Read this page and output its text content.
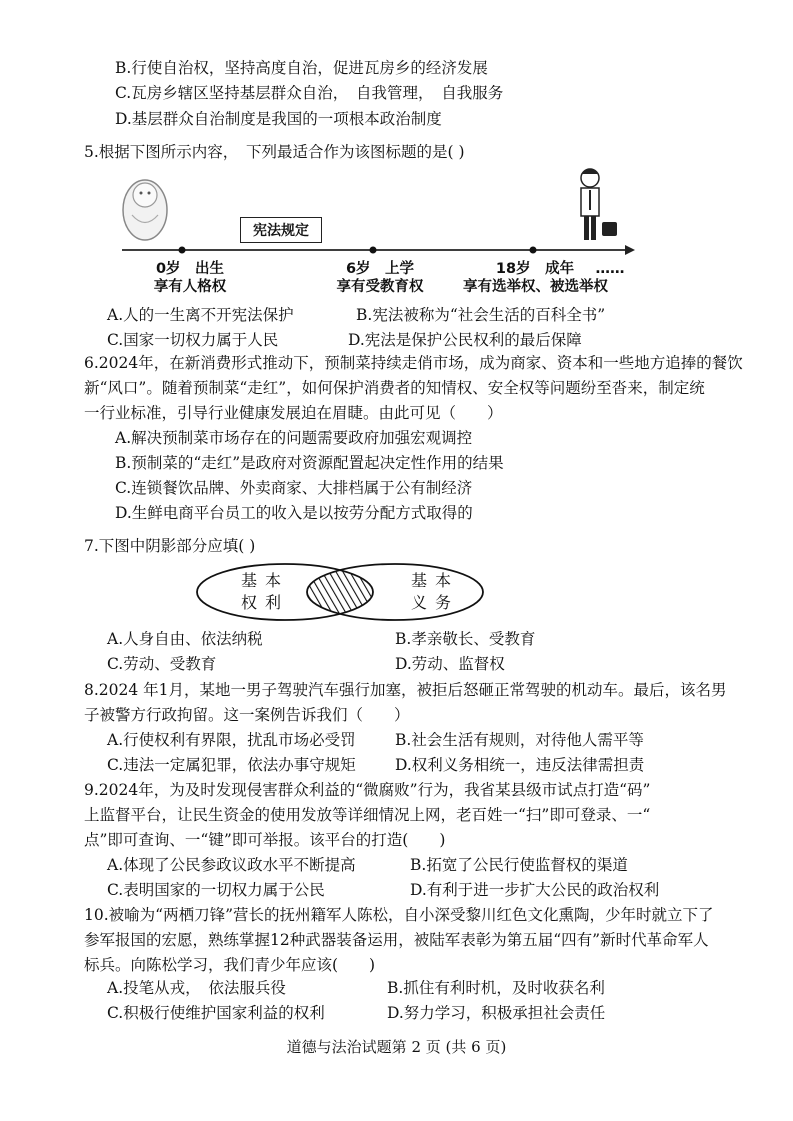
B.行使自治权，坚持高度自治，促进瓦房乡的经济发展
C.瓦房乡辖区坚持基层群众自治，　自我管理，　自我服务
D.基层群众自治制度是我国的一项根本政治制度
5.根据下图所示内容，　下列最适合作为该图标题的是( )
宪法规定
0岁　出生
享有人格权
6岁　上学
享有受教育权
18岁　成年
享有选举权、被选举权
……
A.人的一生离不开宪法保护	B.宪法被称为“社会生活的百科全书”
C.国家一切权力属于人民	D.宪法是保护公民权利的最后保障
6.2024年，在新消费形式推动下，预制菜持续走俏市场，成为商家、资本和一些地方追捧的餐饮
新“风口”。随着预制菜“走红”，如何保护消费者的知情权、安全权等问题纷至沓来，制定统
一行业标准，引导行业健康发展迫在眉睫。由此可见（　　）
A.解决预制菜市场存在的问题需要政府加强宏观调控
B.预制菜的“走红”是政府对资源配置起决定性作用的结果
C.连锁餐饮品牌、外卖商家、大排档属于公有制经济
D.生鲜电商平台员工的收入是以按劳分配方式取得的
7.下图中阴影部分应填( )
基本
权利
基本
义务
A.人身自由、依法纳税	B.孝亲敬长、受教育
C.劳动、受教育	D.劳动、监督权
8.2024 年1月，某地一男子驾驶汽车强行加塞，被拒后怒砸正常驾驶的机动车。最后，该名男
子被警方行政拘留。这一案例告诉我们（　　）
A.行使权利有界限，扰乱市场必受罚	B.社会生活有规则，对待他人需平等
C.违法一定属犯罪，依法办事守规矩	D.权利义务相统一，违反法律需担责
9.2024年，为及时发现侵害群众利益的“微腐败”行为，我省某县级市试点打造“码”
上监督平台，让民生资金的使用发放等详细情况上网，老百姓一“扫”即可登录、一“
点”即可查询、一“键”即可举报。该平台的打造(　　)
A.体现了公民参政议政水平不断提高	B.拓宽了公民行使监督权的渠道
C.表明国家的一切权力属于公民	D.有利于进一步扩大公民的政治权利
10.被喻为“两栖刀锋”营长的抚州籍军人陈松，自小深受黎川红色文化熏陶，少年时就立下了
参军报国的宏愿，熟练掌握12种武器装备运用，被陆军表彰为第五届“四有”新时代革命军人
标兵。向陈松学习，我们青少年应该(　　)
A.投笔从戎，　依法服兵役	B.抓住有利时机，及时收获名利
C.积极行使维护国家利益的权利	D.努力学习，积极承担社会责任
道德与法治试题第 2 页 (共 6 页)
